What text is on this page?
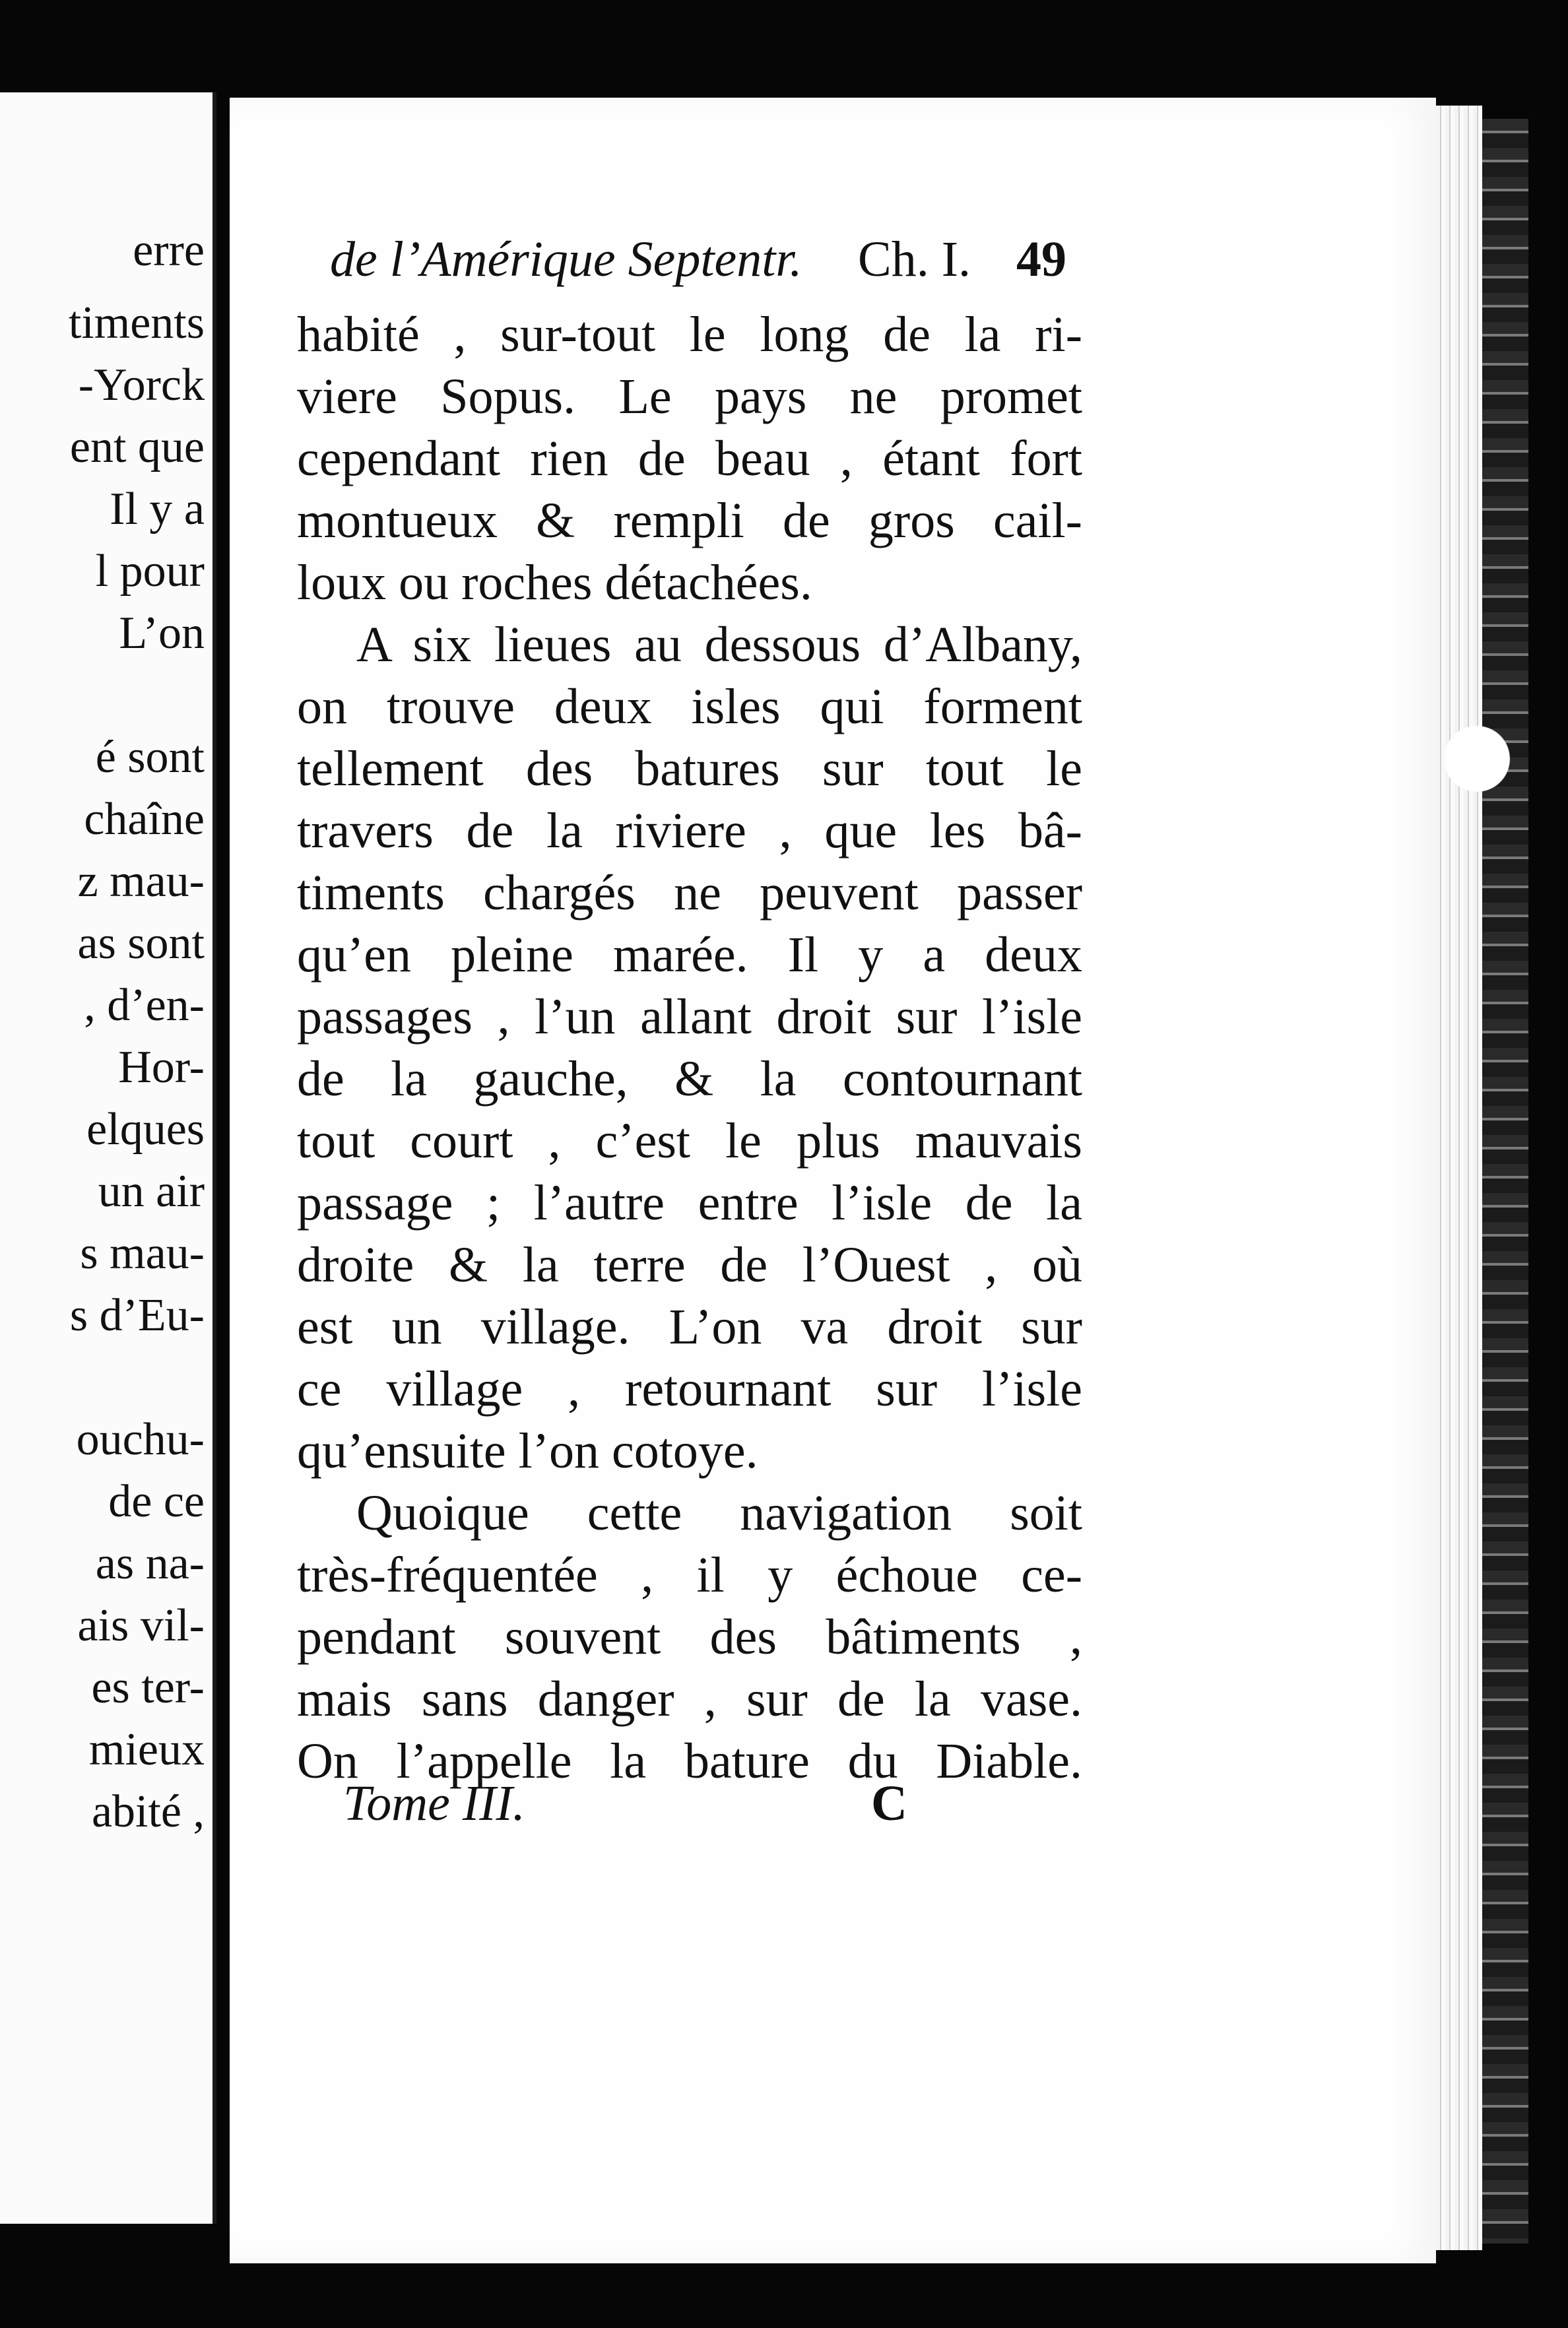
erre
timents
-Yorck
ent que
Il y a
l pour
L’on
é sont
chaîne
z mau-
as sont
, d’en-
Hor-
elques
un air
s mau-
s d’Eu-
ouchu-
de ce
as na-
ais vil-
es ter-
mieux
abité ,
de l’Amérique Septentr. Ch. I. 49
habité , sur-tout le long de la ri-
viere Sopus. Le pays ne promet
cependant rien de beau , étant fort
montueux & rempli de gros cail-
loux ou roches détachées.
A six lieues au dessous d’Albany,
on trouve deux isles qui forment
tellement des batures sur tout le
travers de la riviere , que les bâ-
timents chargés ne peuvent passer
qu’en pleine marée. Il y a deux
passages , l’un allant droit sur l’isle
de la gauche, & la contournant
tout court , c’est le plus mauvais
passage ; l’autre entre l’isle de la
droite & la terre de l’Ouest , où
est un village. L’on va droit sur
ce village , retournant sur l’isle
qu’ensuite l’on cotoye.
Quoique cette navigation soit
très-fréquentée , il y échoue ce-
pendant souvent des bâtiments ,
mais sans danger , sur de la vase.
On l’appelle la bature du Diable.
Tome III.	C
